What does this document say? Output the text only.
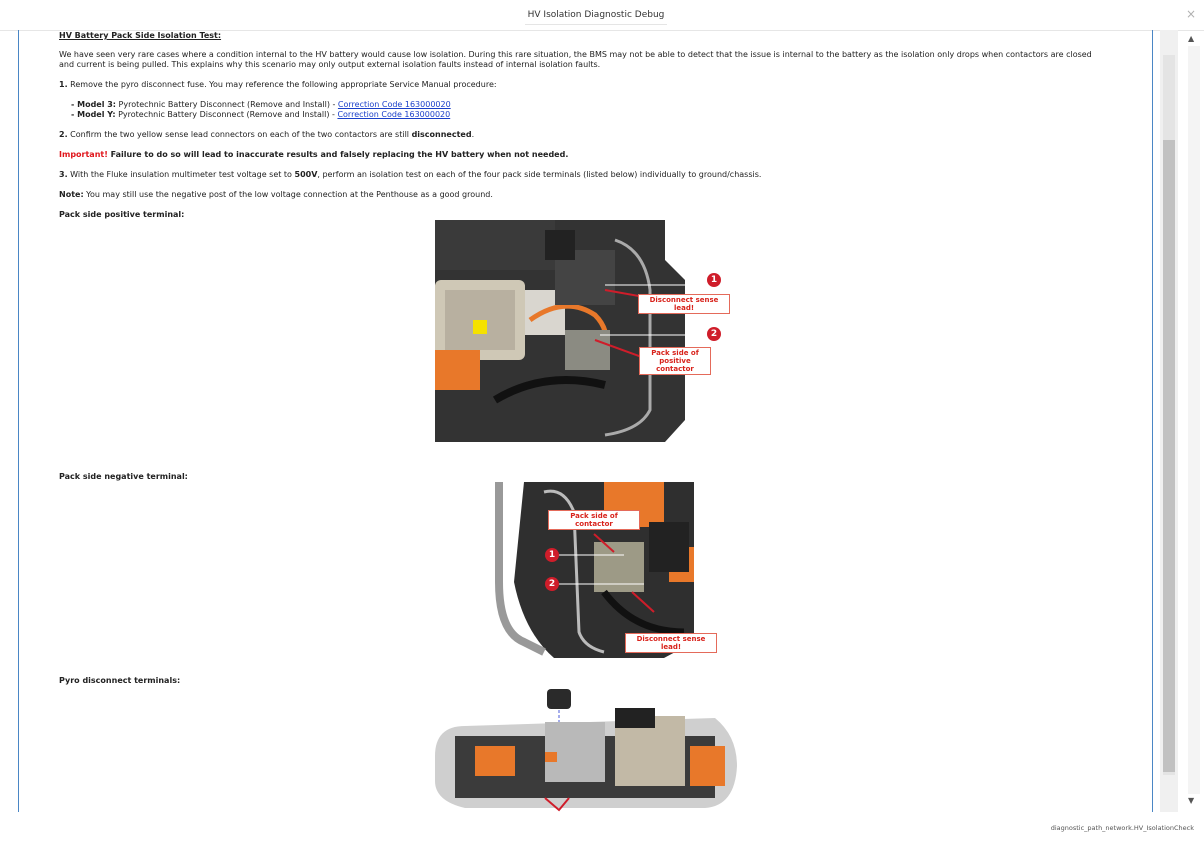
HV Isolation Diagnostic Debug	×

HV Battery Pack Side Isolation Test:

We have seen very rare cases where a condition internal to the HV battery would cause low isolation. During this rare situation, the BMS may not be able to detect that the issue is internal to the battery as the isolation only drops when contactors are closed and current is being pulled. This explains why this scenario may only output external isolation faults instead of internal isolation faults.

1. Remove the pyro disconnect fuse. You may reference the following appropriate Service Manual procedure:

- Model 3: Pyrotechnic Battery Disconnect (Remove and Install) - Correction Code 163000020
- Model Y: Pyrotechnic Battery Disconnect (Remove and Install) - Correction Code 163000020

2. Confirm the two yellow sense lead connectors on each of the two contactors are still disconnected.

Important! Failure to do so will lead to inaccurate results and falsely replacing the HV battery when not needed.

3. With the Fluke insulation multimeter test voltage set to 500V, perform an isolation test on each of the four pack side terminals (listed below) individually to ground/chassis.

Note: You may still use the negative post of the low voltage connection at the Penthouse as a good ground.

Pack side positive terminal:

1
2
Disconnect sense lead!
Pack side of positive contactor

Pack side negative terminal:

1
2
Pack side of contactor
Disconnect sense lead!

Pyro disconnect terminals:

▲
▼
diagnostic_path_network.HV_IsolationCheck
